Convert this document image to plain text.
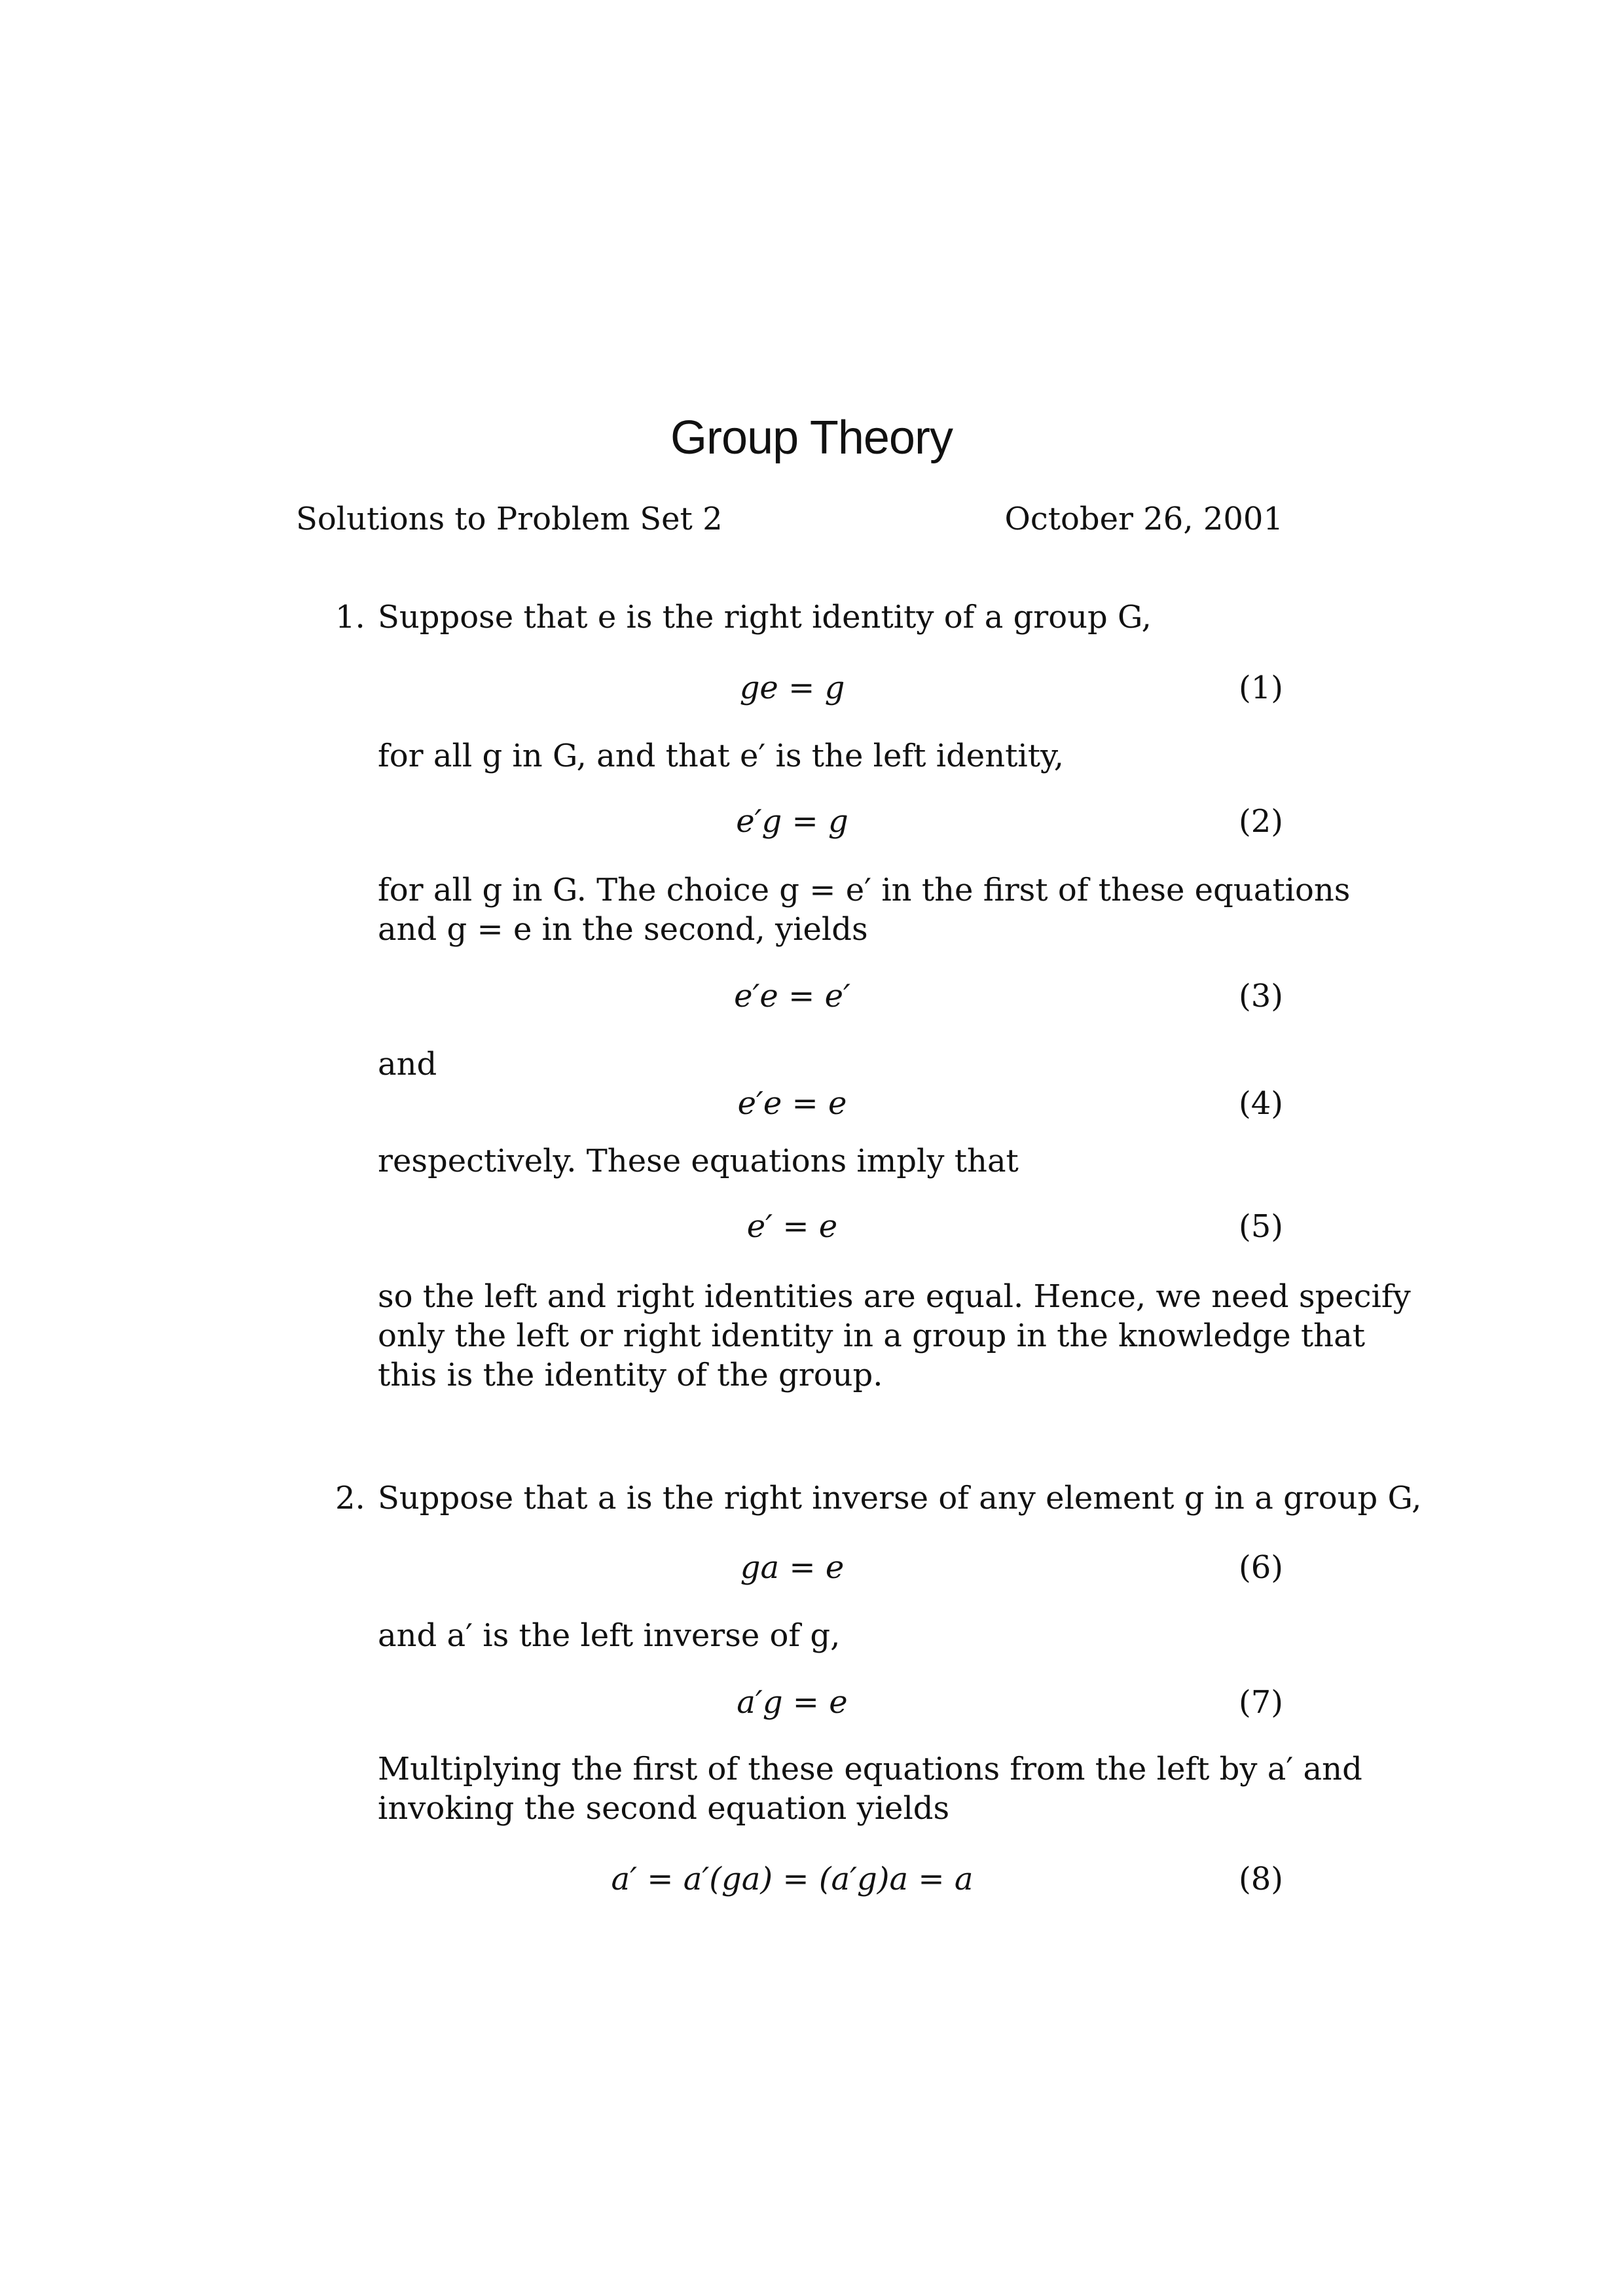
Group Theory
Solutions to Problem Set 2	October 26, 2001
1. Suppose that e is the right identity of a group G,
ge = g	(1)
for all g in G, and that e′ is the left identity,
e′g = g	(2)
for all g in G. The choice g = e′ in the first of these equations
and g = e in the second, yields
e′e = e′	(3)
and
e′e = e	(4)
respectively. These equations imply that
e′ = e	(5)
so the left and right identities are equal. Hence, we need specify
only the left or right identity in a group in the knowledge that
this is the identity of the group.
2. Suppose that a is the right inverse of any element g in a group G,
ga = e	(6)
and a′ is the left inverse of g,
a′g = e	(7)
Multiplying the first of these equations from the left by a′ and
invoking the second equation yields
a′ = a′(ga) = (a′g)a = a	(8)
